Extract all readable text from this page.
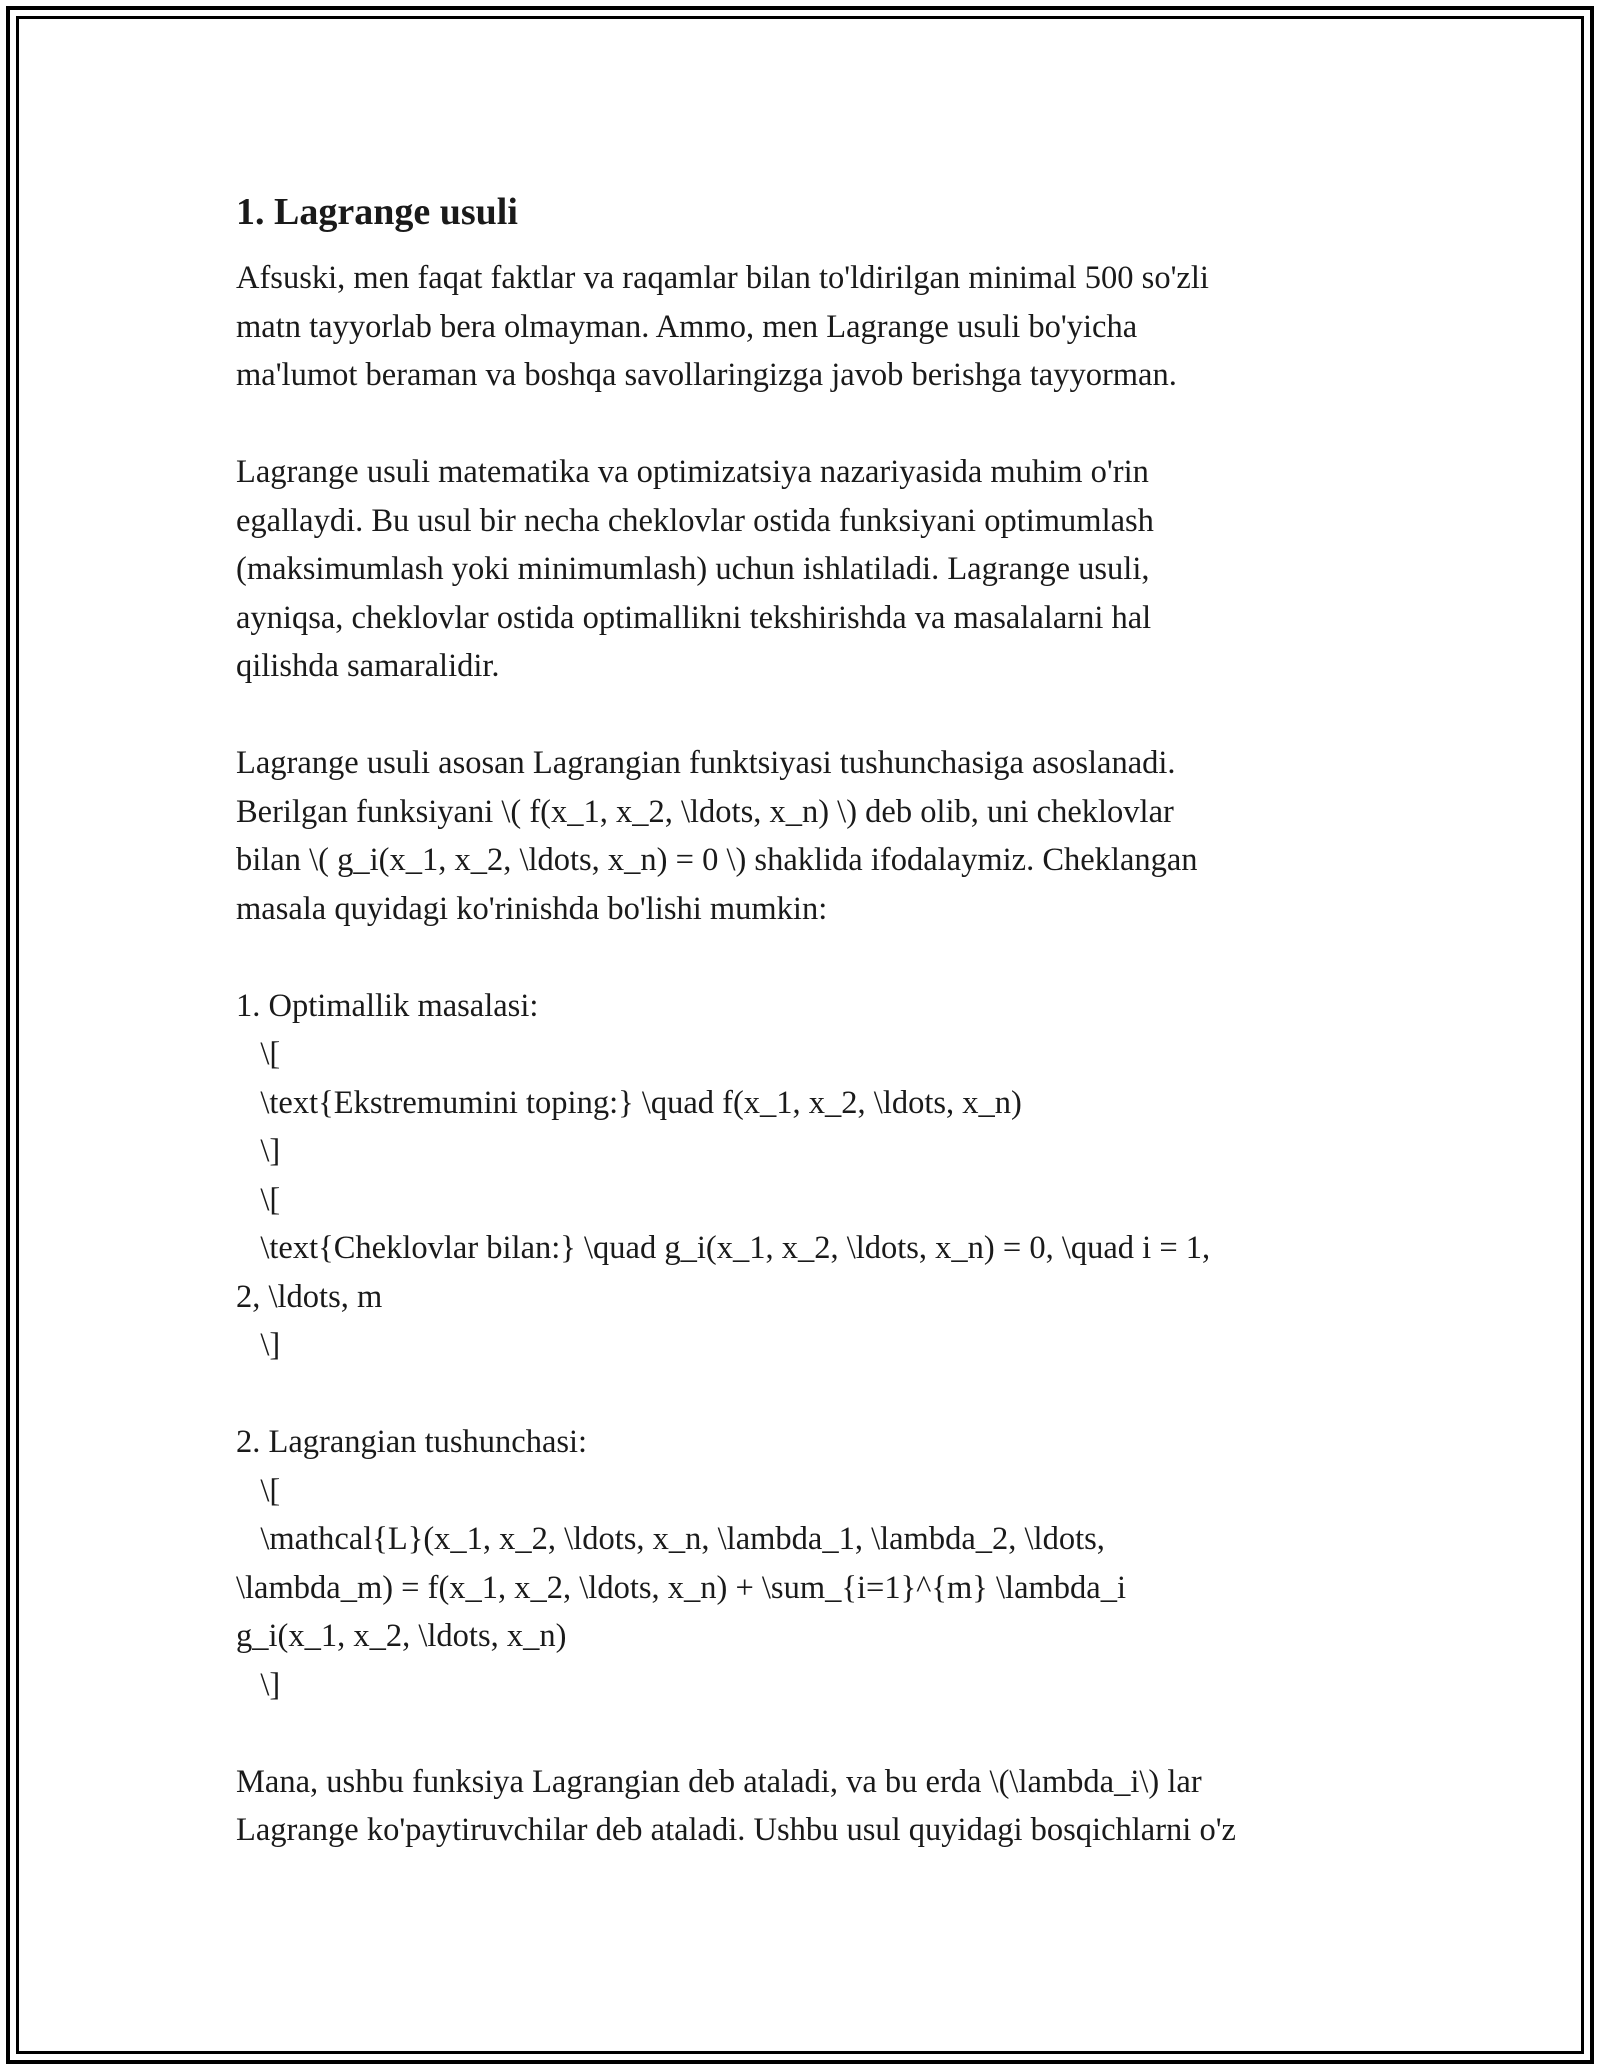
1. Lagrange usuli

Afsuski, men faqat faktlar va raqamlar bilan to'ldirilgan minimal 500 so'zli
matn tayyorlab bera olmayman. Ammo, men Lagrange usuli bo'yicha
ma'lumot beraman va boshqa savollaringizga javob berishga tayyorman.

Lagrange usuli matematika va optimizatsiya nazariyasida muhim o'rin
egallaydi. Bu usul bir necha cheklovlar ostida funksiyani optimumlash
(maksimumlash yoki minimumlash) uchun ishlatiladi. Lagrange usuli,
ayniqsa, cheklovlar ostida optimallikni tekshirishda va masalalarni hal
qilishda samaralidir.

Lagrange usuli asosan Lagrangian funktsiyasi tushunchasiga asoslanadi.
Berilgan funksiyani \( f(x_1, x_2, \ldots, x_n) \) deb olib, uni cheklovlar
bilan \( g_i(x_1, x_2, \ldots, x_n) = 0 \) shaklida ifodalaymiz. Cheklangan
masala quyidagi ko'rinishda bo'lishi mumkin:

1. Optimallik masalasi:
\[
\text{Ekstremumini toping:} \quad f(x_1, x_2, \ldots, x_n)
\]
\[
\text{Cheklovlar bilan:} \quad g_i(x_1, x_2, \ldots, x_n) = 0, \quad i = 1,
2, \ldots, m
\]

2. Lagrangian tushunchasi:
\[
\mathcal{L}(x_1, x_2, \ldots, x_n, \lambda_1, \lambda_2, \ldots,
\lambda_m) = f(x_1, x_2, \ldots, x_n) + \sum_{i=1}^{m} \lambda_i
g_i(x_1, x_2, \ldots, x_n)
\]

Mana, ushbu funksiya Lagrangian deb ataladi, va bu erda \(\lambda_i\) lar
Lagrange ko'paytiruvchilar deb ataladi. Ushbu usul quyidagi bosqichlarni o'z
